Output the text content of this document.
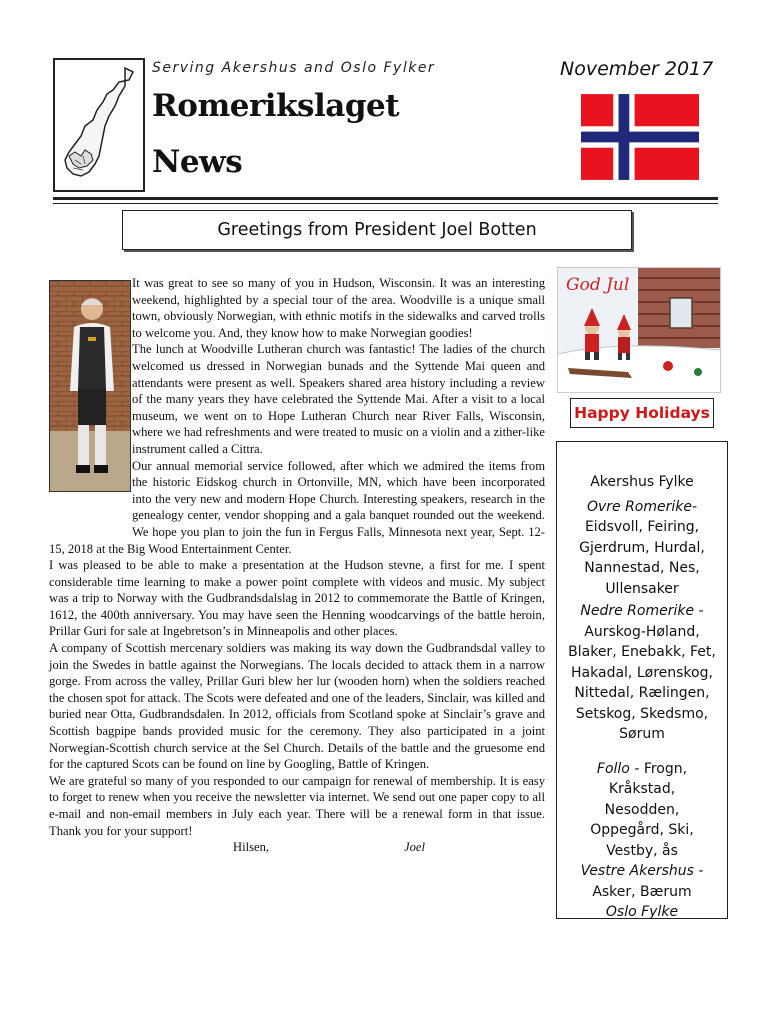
Serving Akershus and Oslo Fylker
Romerikslaget
News
November 2017
Greetings from President Joel Botten

It was great to see so many of you in Hudson, Wisconsin. It was an interesting weekend, highlighted by a special tour of the area. Woodville is a unique small town, obviously Norwegian, with ethnic motifs in the sidewalks and carved trolls to welcome you. And, they know how to make Norwegian goodies!

The lunch at Woodville Lutheran church was fantastic! The ladies of the church welcomed us dressed in Norwegian bunads and the Syttende Mai queen and attendants were present as well. Speakers shared area history including a review of the many years they have celebrated the Syttende Mai. After a visit to a local museum, we went on to Hope Lutheran Church near River Falls, Wisconsin, where we had refreshments and were treated to music on a violin and a zither-like instrument called a Cittra.

Our annual memorial service followed, after which we admired the items from the historic Eidskog church in Ortonville, MN, which have been incorporated into the very new and modern Hope Church. Interesting speakers, research in the genealogy center, vendor shopping and a gala banquet rounded out the weekend. We hope you plan to join the fun in Fergus Falls, Minnesota next year, Sept. 12-15, 2018 at the Big Wood Entertainment Center.

I was pleased to be able to make a presentation at the Hudson stevne, a first for me. I spent considerable time learning to make a power point complete with videos and music. My subject was a trip to Norway with the Gudbrandsdalslag in 2012 to commemorate the Battle of Kringen, 1612, the 400th anniversary. You may have seen the Henning woodcarvings of the battle heroin, Prillar Guri for sale at Ingebretson’s in Minneapolis and other places.

A company of Scottish mercenary soldiers was making its way down the Gudbrandsdal valley to join the Swedes in battle against the Norwegians. The locals decided to attack them in a narrow gorge. From across the valley, Prillar Guri blew her lur (wooden horn) when the soldiers reached the chosen spot for attack. The Scots were defeated and one of the leaders, Sinclair, was killed and buried near Otta, Gudbrandsdalen. In 2012, officials from Scotland spoke at Sinclair’s grave and Scottish bagpipe bands provided music for the ceremony. They also participated in a joint Norwegian-Scottish church service at the Sel Church. Details of the battle and the gruesome end for the captured Scots can be found on line by Googling, Battle of Kringen.

We are grateful so many of you responded to our campaign for renewal of membership. It is easy to forget to renew when you receive the newsletter via internet. We send out one paper copy to all e-mail and non-email members in July each year. There will be a renewal form in that issue. Thank you for your support!

Hilsen,	Joel
God Jul
Happy Holidays
Akershus Fylke
Ovre Romerike-
Eidsvoll, Feiring, Gjerdrum, Hurdal, Nannestad, Nes, Ullensaker
Nedre Romerike -
Aurskog-Høland, Blaker, Enebakk, Fet, Hakadal, Lørenskog, Nittedal, Rælingen, Setskog, Skedsmo, Sørum
Follo - Frogn, Kråkstad, Nesodden, Oppegård, Ski, Vestby, ås
Vestre Akershus -
Asker, Bærum
Oslo Fylke
